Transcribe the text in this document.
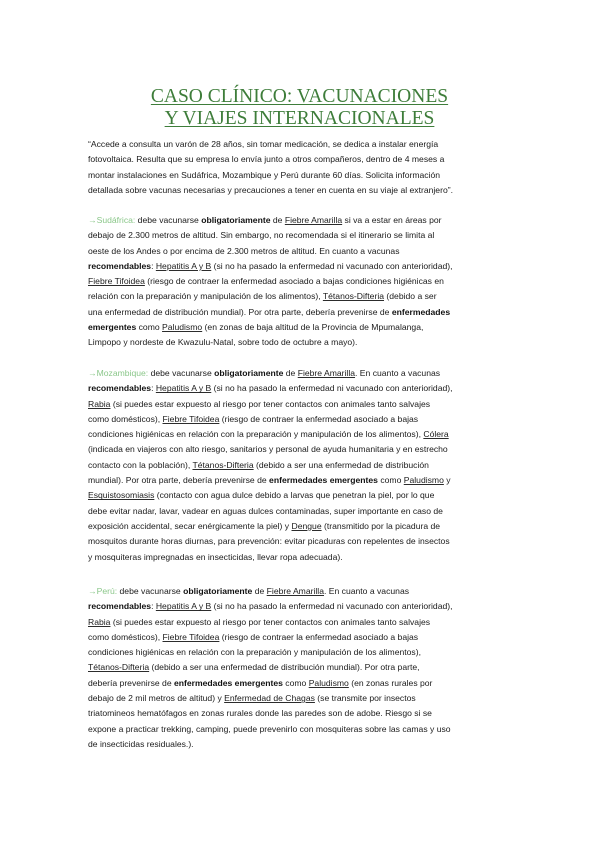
CASO CLÍNICO: VACUNACIONES
Y VIAJES INTERNACIONALES
“Accede a consulta un varón de 28 años, sin tomar medicación, se dedica a instalar energía
fotovoltaica. Resulta que su empresa lo envía junto a otros compañeros, dentro de 4 meses a
montar instalaciones en Sudáfrica, Mozambique y Perú durante 60 días. Solicita información
detallada sobre vacunas necesarias y precauciones a tener en cuenta en su viaje al extranjero”.
→Sudáfrica: debe vacunarse obligatoriamente de Fiebre Amarilla si va a estar en áreas por
debajo de 2.300 metros de altitud. Sin embargo, no recomendada si el itinerario se limita al
oeste de los Andes o por encima de 2.300 metros de altitud. En cuanto a vacunas
recomendables: Hepatitis A y B (si no ha pasado la enfermedad ni vacunado con anterioridad),
Fiebre Tifoidea (riesgo de contraer la enfermedad asociado a bajas condiciones higiénicas en
relación con la preparación y manipulación de los alimentos), Tétanos-Difteria (debido a ser
una enfermedad de distribución mundial). Por otra parte, debería prevenirse de enfermedades
emergentes como Paludismo (en zonas de baja altitud de la Provincia de Mpumalanga,
Limpopo y nordeste de Kwazulu-Natal, sobre todo de octubre a mayo).
→Mozambique: debe vacunarse obligatoriamente de Fiebre Amarilla. En cuanto a vacunas
recomendables: Hepatitis A y B (si no ha pasado la enfermedad ni vacunado con anterioridad),
Rabia (si puedes estar expuesto al riesgo por tener contactos con animales tanto salvajes
como domésticos), Fiebre Tifoidea (riesgo de contraer la enfermedad asociado a bajas
condiciones higiénicas en relación con la preparación y manipulación de los alimentos), Cólera
(indicada en viajeros con alto riesgo, sanitarios y personal de ayuda humanitaria y en estrecho
contacto con la población), Tétanos-Difteria (debido a ser una enfermedad de distribución
mundial). Por otra parte, debería prevenirse de enfermedades emergentes como Paludismo y
Esquistosomiasis (contacto con agua dulce debido a larvas que penetran la piel, por lo que
debe evitar nadar, lavar, vadear en aguas dulces contaminadas, super importante en caso de
exposición accidental, secar enérgicamente la piel) y Dengue (transmitido por la picadura de
mosquitos durante horas diurnas, para prevención: evitar picaduras con repelentes de insectos
y mosquiteras impregnadas en insecticidas, llevar ropa adecuada).
→Perú: debe vacunarse obligatoriamente de Fiebre Amarilla. En cuanto a vacunas
recomendables: Hepatitis A y B (si no ha pasado la enfermedad ni vacunado con anterioridad),
Rabia (si puedes estar expuesto al riesgo por tener contactos con animales tanto salvajes
como domésticos), Fiebre Tifoidea (riesgo de contraer la enfermedad asociado a bajas
condiciones higiénicas en relación con la preparación y manipulación de los alimentos),
Tétanos-Difteria (debido a ser una enfermedad de distribución mundial). Por otra parte,
debería prevenirse de enfermedades emergentes como Paludismo (en zonas rurales por
debajo de 2 mil metros de altitud) y Enfermedad de Chagas (se transmite por insectos
triatomineos hematófagos en zonas rurales donde las paredes son de adobe. Riesgo si se
expone a practicar trekking, camping, puede prevenirlo con mosquiteras sobre las camas y uso
de insecticidas residuales.).
